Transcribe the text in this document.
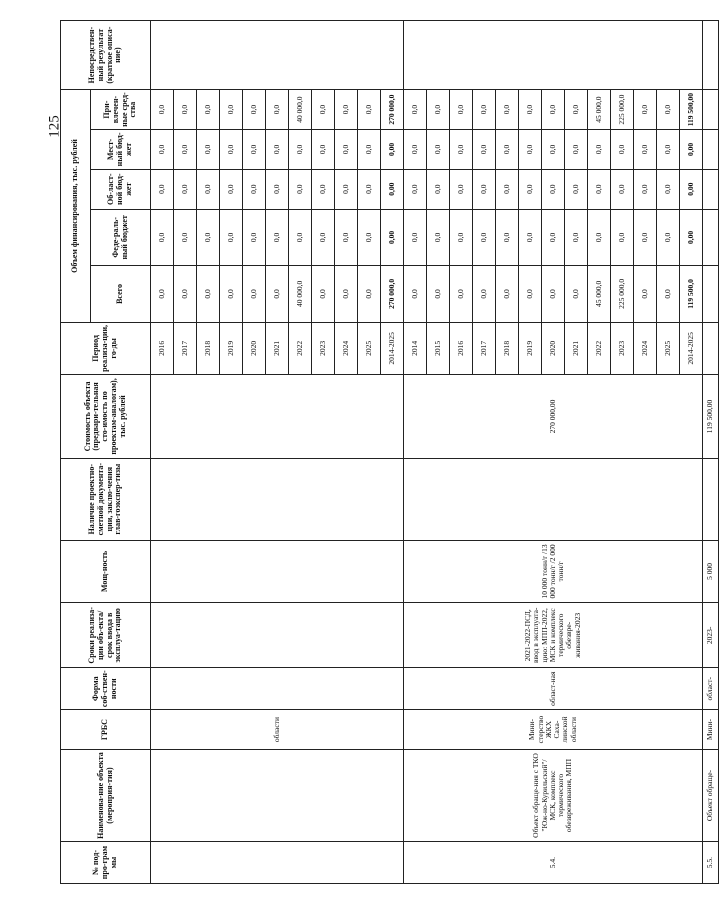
125
№ под-про-грам мы	Наименова-ние объекта (мероприя-тия)	ГРБС	Форма соб-ствен-ности	Сроки реализа-ции объ-екта/срок ввода в эксплуа-тацию	Мощ-ность	Наличие проектно-сметной документа-ции, заклю-чения глав-гоэкспер-тизы	Стоимость объекта (предвари-тельная сто-имость по проектам-аналогам), тыс. рублей	Период реализа-ции, го-ды	Объем финансирования, тыс. рублей					Непосредствен-ный результат (краткое описа-ние)
									Всего	Феде-раль-ный бюджет	Об-ласт-ной бюд-жет	Мест-ный бюд-жет	При-влечен-ные сред-ства	
		области						2016	0,0	0,0	0,0	0,0	0,0	
								2017	0,0	0,0	0,0	0,0	0,0	
								2018	0,0	0,0	0,0	0,0	0,0	
								2019	0,0	0,0	0,0	0,0	0,0	
								2020	0,0	0,0	0,0	0,0	0,0	
								2021	0,0	0,0	0,0	0,0	0,0	
								2022	40 000,0	0,0	0,0	0,0	40 000,0	
								2023	0,0	0,0	0,0	0,0	0,0	
								2024	0,0	0,0	0,0	0,0	0,0	
								2025	0,0	0,0	0,0	0,0	0,0	
								2014-2025	270 000,0	0,00	0,00	0,00	270 000,0	
5.4.	Объект обраще-ния с ТКО "Юж-но-Курильский"/ МСК, комплекс термического обезвреживания, МПП	Мини-стерство ЖКХ Саха-линской области	област-ная	2021-2022-ПСД, ввод в эксплуата-цию: МПП-2022, МСК и комплекс термического обезвре-живания-2023	10 000 тонн/г /13 000 тонн/г /2 000 тонн/г		270 000,00	2014	0,0	0,0	0,0	0,0	0,0	
								2015	0,0	0,0	0,0	0,0	0,0	
								2016	0,0	0,0	0,0	0,0	0,0	
								2017	0,0	0,0	0,0	0,0	0,0	
								2018	0,0	0,0	0,0	0,0	0,0	
								2019	0,0	0,0	0,0	0,0	0,0	
								2020	0,0	0,0	0,0	0,0	0,0	
								2021	0,0	0,0	0,0	0,0	0,0	
								2022	45 000,0	0,0	0,0	0,0	45 000,0	
								2023	225 000,0	0,0	0,0	0,0	225 000,0	
								2024	0,0	0,0	0,0	0,0	0,0	
								2025	0,0	0,0	0,0	0,0	0,0	
								2014-2025	119 500,0	0,00	0,00	0,00	119 500,00	
5.5.	Объект обраще-	Мини-	област-	2023-	5 000		119 500,00							
